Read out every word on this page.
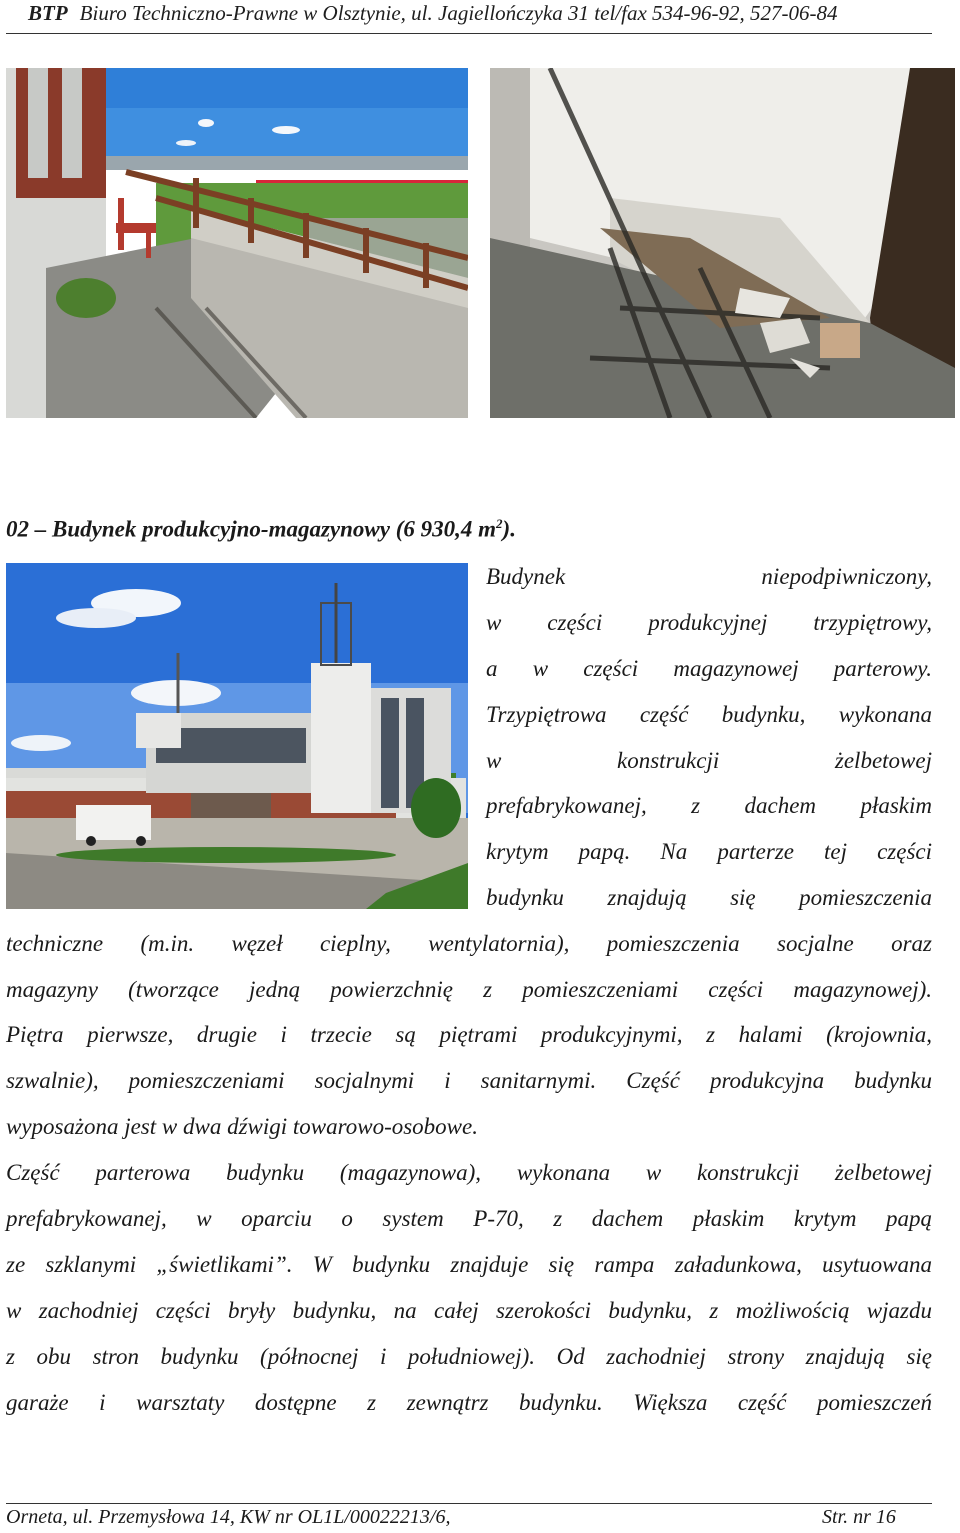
BTP Biuro Techniczno-Prawne w Olsztynie, ul. Jagiellończyka 31 tel/fax 534-96-92, 527-06-84
02 – Budynek produkcyjno-magazynowy (6 930,4 $m^2$).
Budynek niepodpiwniczony,
w części produkcyjnej trzypiętrowy,
a w części magazynowej parterowy.
Trzypiętrowa część budynku, wykonana
w konstrukcji żelbetowej
prefabrykowanej, z dachem płaskim
krytym papą. Na parterze tej części
budynku znajdują się pomieszczenia
techniczne (m.in. węzeł cieplny, wentylatornia), pomieszczenia socjalne oraz
magazyny (tworzące jedną powierzchnię z pomieszczeniami części magazynowej).
Piętra pierwsze, drugie i trzecie są piętrami produkcyjnymi, z halami (krojownia,
szwalnie), pomieszczeniami socjalnymi i sanitarnymi. Część produkcyjna budynku
wyposażona jest w dwa dźwigi towarowo-osobowe.
Część parterowa budynku (magazynowa), wykonana w konstrukcji żelbetowej
prefabrykowanej, w oparciu o system P-70, z dachem płaskim krytym papą
ze szklanymi „świetlikami”. W budynku znajduje się rampa załadunkowa, usytuowana
w zachodniej części bryły budynku, na całej szerokości budynku, z możliwością wjazdu
z obu stron budynku (północnej i południowej). Od zachodniej strony znajdują się
garaże i warsztaty dostępne z zewnątrz budynku. Większa część pomieszczeń
Orneta, ul. Przemysłowa 14, KW nr OL1L/00022213/6,	Str. nr 16
